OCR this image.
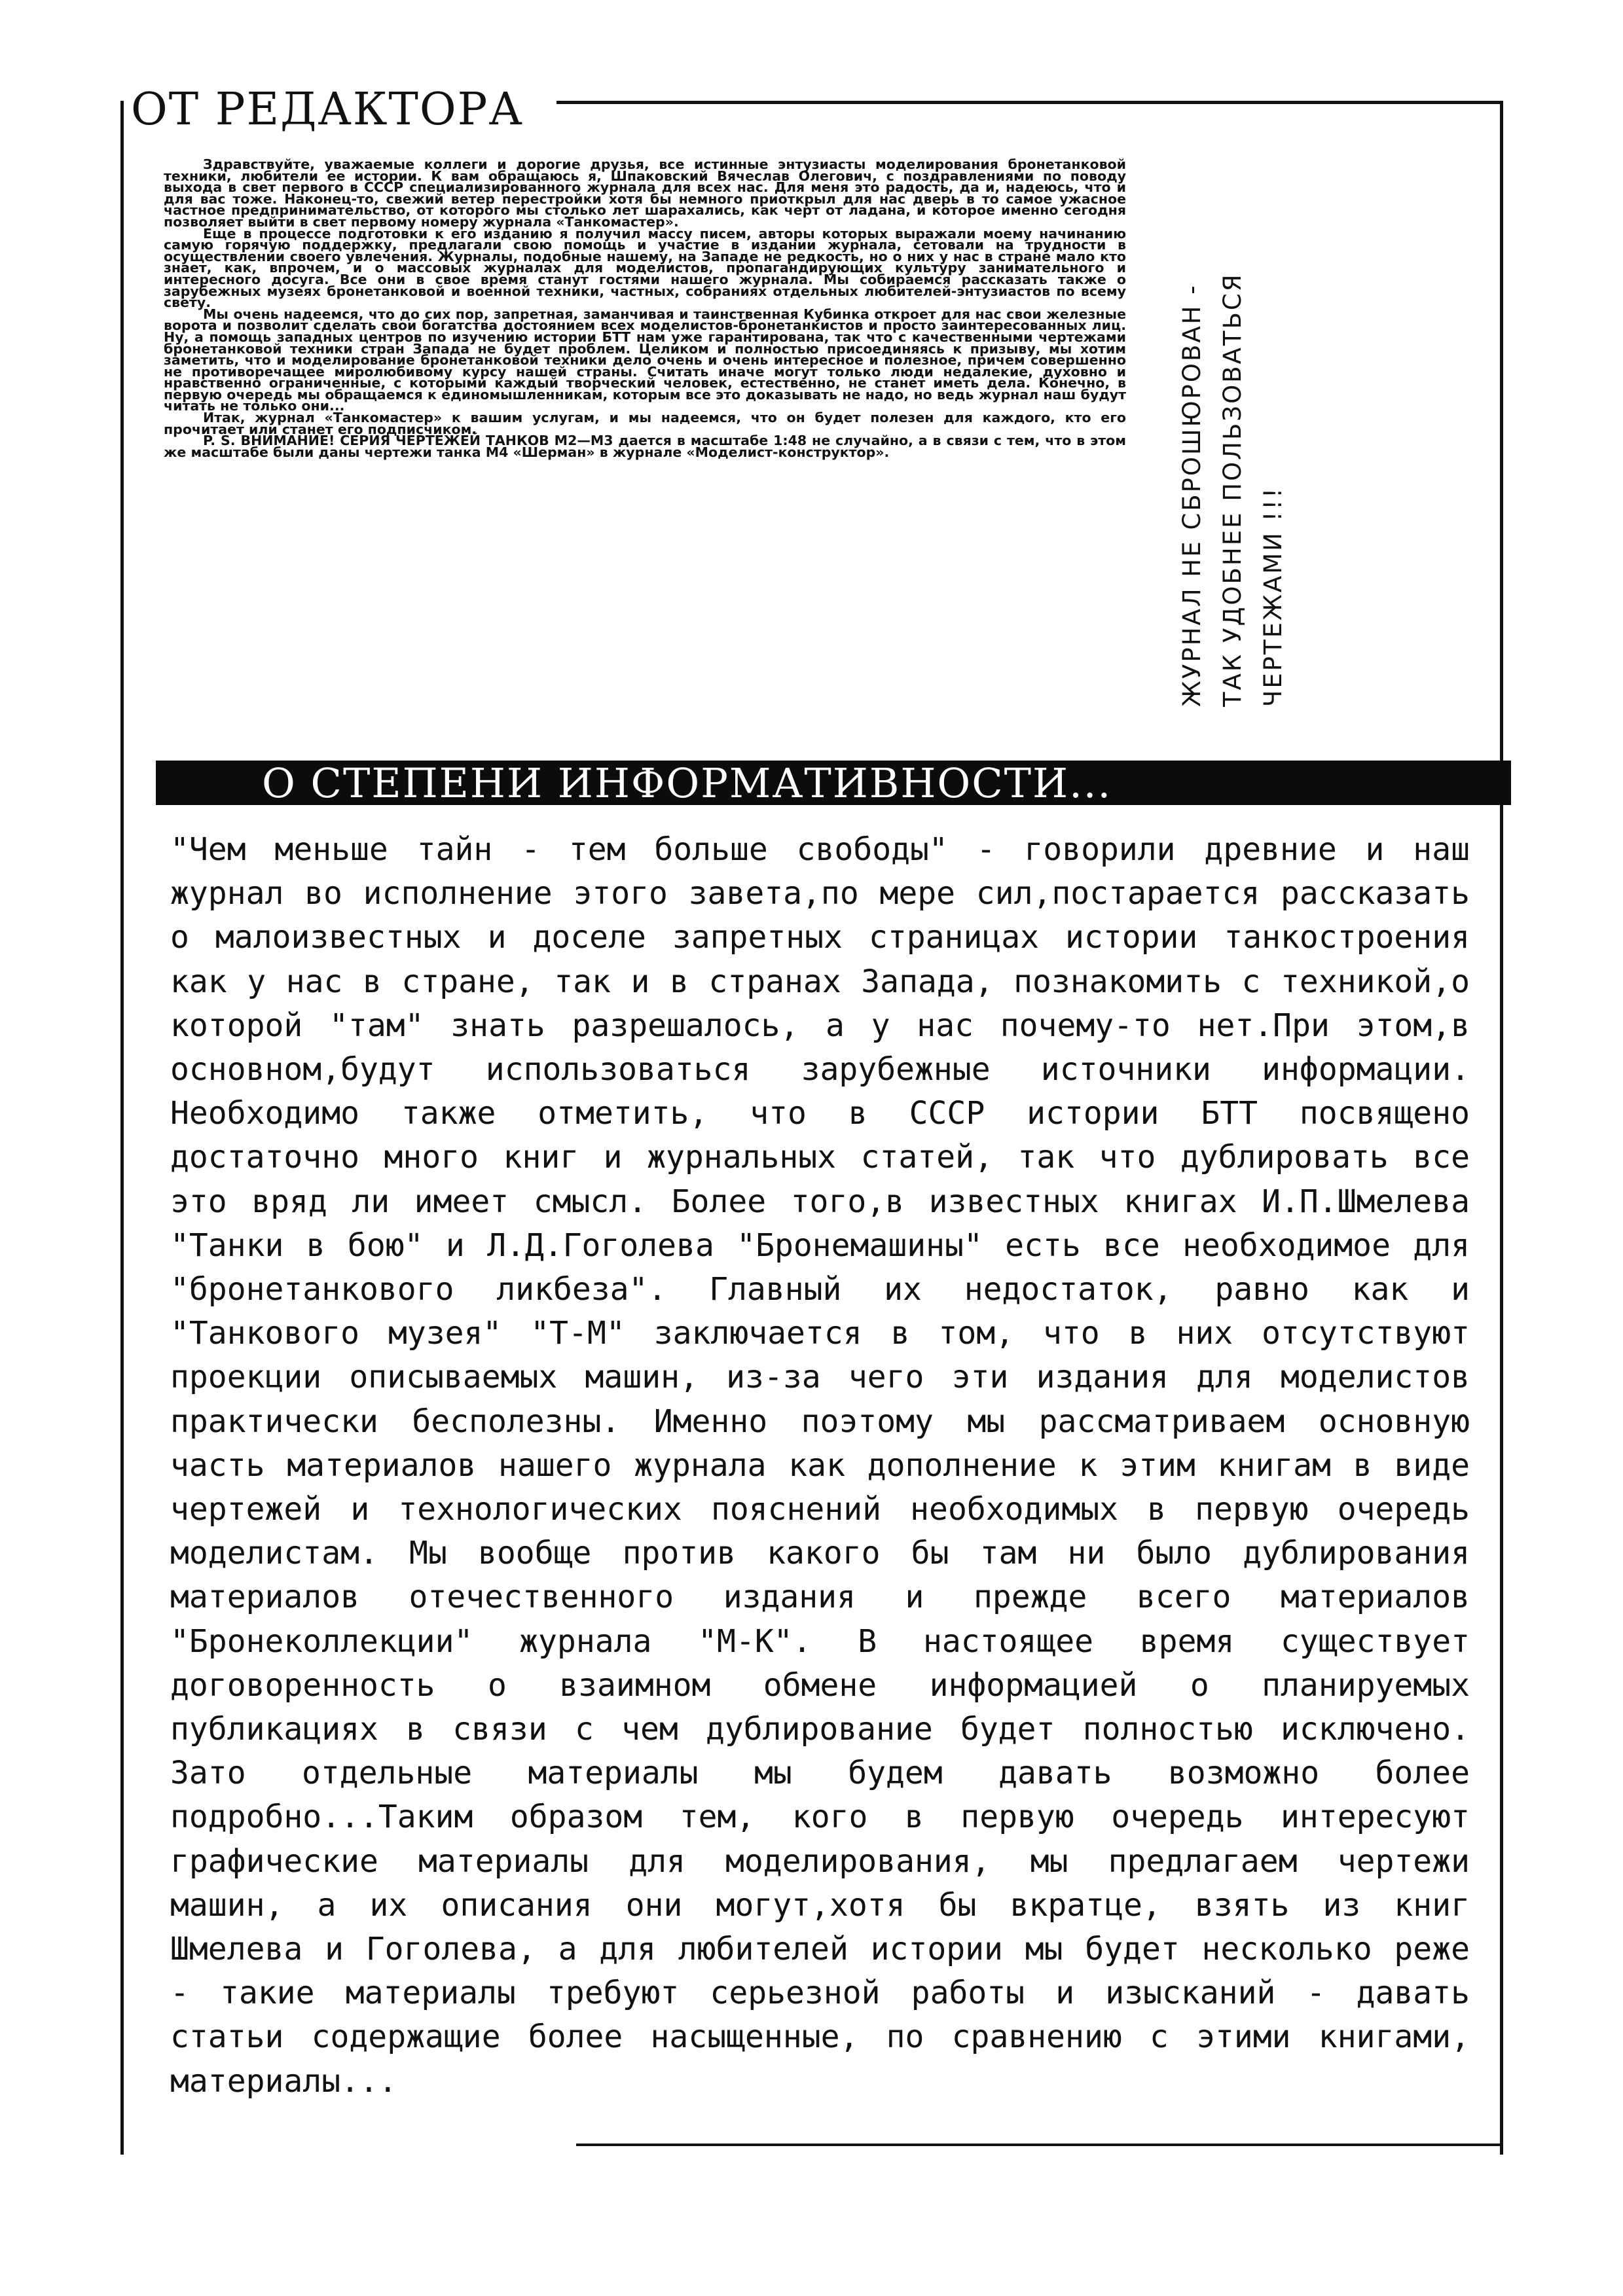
ОТ РЕДАКТОРА

Здравствуйте, уважаемые коллеги и дорогие друзья, все истинные энтузиасты моделирования бронетанковой техники, любители ее истории. К вам обращаюсь я, Шпаковский Вячеслав Олегович, с поздравлениями по поводу выхода в свет первого в СССР специализированного журнала для всех нас. Для меня это радость, да и, надеюсь, что и для вас тоже. Наконец-то, свежий ветер перестройки хотя бы немного приоткрыл для нас дверь в то самое ужасное частное предпринимательство, от которого мы столько лет шарахались, как черт от ладана, и которое именно сегодня позволяет выйти в свет первому номеру журнала «Танкомастер».

Еще в процессе подготовки к его изданию я получил массу писем, авторы которых выражали моему начинанию самую горячую поддержку, предлагали свою помощь и участие в издании журнала, сетовали на трудности в осуществлении своего увлечения. Журналы, подобные нашему, на Западе не редкость, но о них у нас в стране мало кто знает, как, впрочем, и о массовых журналах для моделистов, пропагандирующих культуру занимательного и интересного досуга. Все они в свое время станут гостями нашего журнала. Мы собираемся рассказать также о зарубежных музеях бронетанковой и военной техники, частных, собраниях отдельных любителей-энтузиастов по всему свету.

Мы очень надеемся, что до сих пор, запретная, заманчивая и таинственная Кубинка откроет для нас свои железные ворота и позволит сделать свои богатства достоянием всех моделистов-бронетанкистов и просто заинтересованных лиц. Ну, а помощь западных центров по изучению истории БТТ нам уже гарантирована, так что с качественными чертежами бронетанковой техники стран Запада не будет проблем. Целиком и полностью присоединяясь к призыву, мы хотим заметить, что и моделирование бронетанковой техники дело очень и очень интересное и полезное, причем совершенно не противоречащее миролюбивому курсу нашей страны. Считать иначе могут только люди недалекие, духовно и нравственно ограниченные, с которыми каждый творческий человек, естественно, не станет иметь дела. Конечно, в первую очередь мы обращаемся к единомышленникам, которым все это доказывать не надо, но ведь журнал наш будут читать не только они...

Итак, журнал «Танкомастер» к вашим услугам, и мы надеемся, что он будет полезен для каждого, кто его прочитает или станет его подписчиком.

P. S. ВНИМАНИЕ! СЕРИЯ ЧЕРТЕЖЕЙ ТАНКОВ М2—М3 дается в масштабе 1:48 не случайно, а в связи с тем, что в этом же масштабе были даны чертежи танка М4 «Шерман» в журнале «Моделист-конструктор».	ЖУРНАЛ НЕ СБРОШЮРОВАН - ТАК УДОБНЕЕ ПОЛЬЗОВАТЬСЯ ЧЕРТЕЖАМИ !!!
О СТЕПЕНИ ИНФОРМАТИВНОСТИ...
"Чем меньше тайн - тем больше свободы" - говорили древние и наш журнал во исполнение этого завета,по мере сил,постарается рассказать о малоизвестных и доселе запретных страницах истории танкостроения как у нас в стране, так и в странах Запада, познакомить с техникой,о которой "там" знать разрешалось, а у нас почему-то нет.При этом,в основном,будут использоваться зарубежные источники информации. Необходимо также отметить, что в СССР истории БТТ посвящено достаточно много книг и журнальных статей, так что дублировать все это вряд ли имеет смысл. Более того,в известных книгах И.П.Шмелева "Танки в бою" и Л.Д.Гоголева "Бронемашины" есть все необходимое для "бронетанкового ликбеза". Главный их недостаток, равно как и "Танкового музея" "Т-М" заключается в том, что в них отсутствуют проекции описываемых машин, из-за чего эти издания для моделистов практически бесполезны. Именно поэтому мы рассматриваем основную часть материалов нашего журнала как дополнение к этим книгам в виде чертежей и технологических пояснений необходимых в первую очередь моделистам. Мы вообще против какого бы там ни было дублирования материалов отечественного издания и прежде всего материалов "Бронеколлекции" журнала "М-К". В настоящее время существует договоренность о взаимном обмене информацией о планируемых публикациях в связи с чем дублирование будет полностью исключено. Зато отдельные материалы мы будем давать возможно более подробно...Таким образом тем, кого в первую очередь интересуют графические материалы для моделирования, мы предлагаем чертежи машин, а их описания они могут,хотя бы вкратце, взять из книг Шмелева и Гоголева, а для любителей истории мы будет несколько реже - такие материалы требуют серьезной работы и изысканий - давать статьи содержащие более насыщенные, по сравнению с этими книгами, материалы...
